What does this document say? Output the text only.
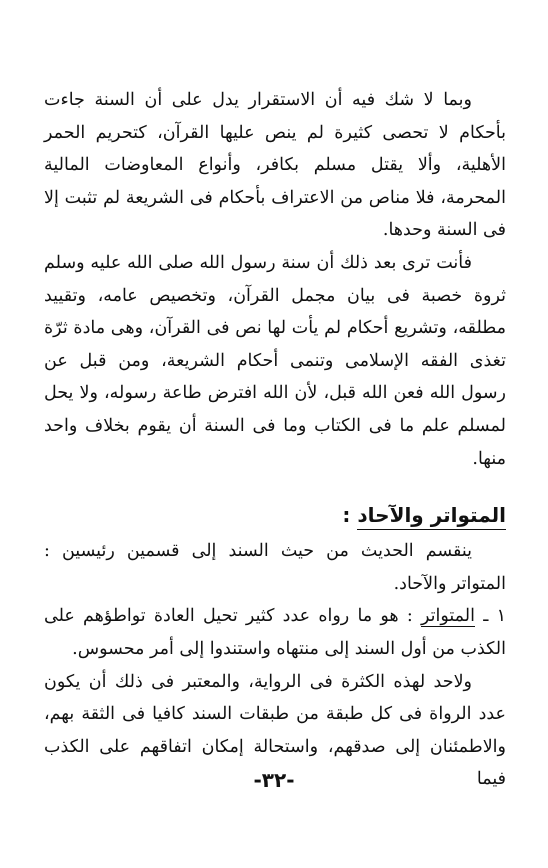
وبما لا شك فيه أن الاستقرار يدل على أن السنة جاءت بأحكام لا تحصى كثيرة لم ينص عليها القرآن، كتحريم الحمر الأهلية، وألا يقتل مسلم بكافر، وأنواع المعاوضات المالية المحرمة، فلا مناص من الاعتراف بأحكام فى الشريعة لم تثبت إلا فى السنة وحدها.

فأنت ترى بعد ذلك أن سنة رسول الله صلى الله عليه وسلم ثروة خصبة فى بيان مجمل القرآن، وتخصيص عامه، وتقييد مطلقه، وتشريع أحكام لم يأت لها نص فى القرآن، وهى مادة ثرّة تغذى الفقه الإسلامى وتنمى أحكام الشريعة، ومن قبل عن رسول الله فعن الله قبل، لأن الله افترض طاعة رسوله، ولا يحل لمسلم علم ما فى الكتاب وما فى السنة أن يقوم بخلاف واحد منها.

المتواتر والآحاد :

ينقسم الحديث من حيث السند إلى قسمين رئيسين : المتواتر والآحاد.

١ ـ المتواتر : هو ما رواه عدد كثير تحيل العادة تواطؤهم على الكذب من أول السند إلى منتهاه واستندوا إلى أمر محسوس.

ولاحد لهذه الكثرة فى الرواية، والمعتبر فى ذلك أن يكون عدد الرواة فى كل طبقة من طبقات السند كافيا فى الثقة بهم، والاطمئنان إلى صدقهم، واستحالة إمكان اتفاقهم على الكذب فيما

-٣٢-
